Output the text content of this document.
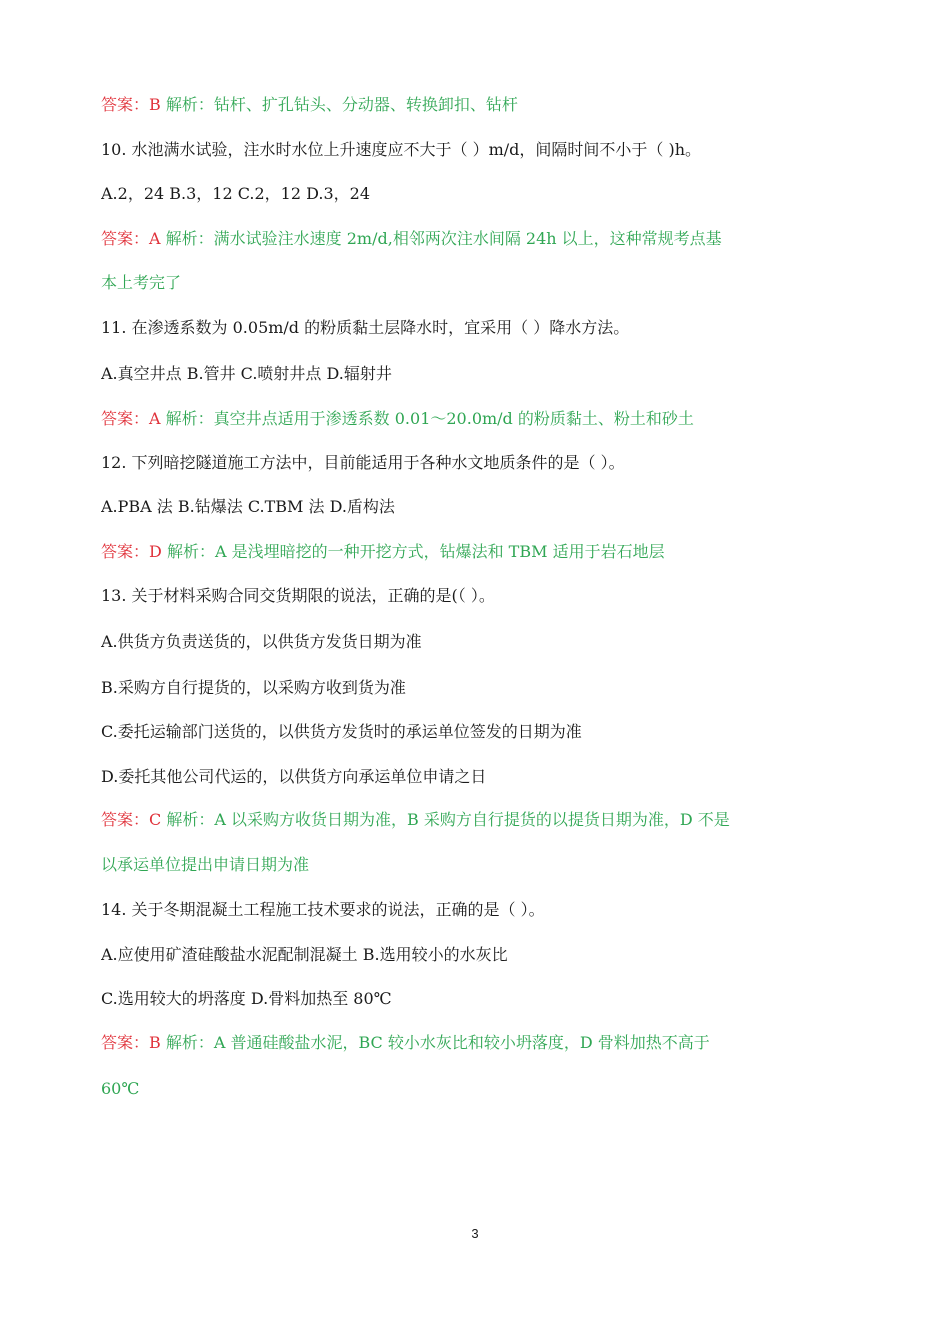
答案：B 解析：钻杆、扩孔钻头、分动器、转换卸扣、钻杆
10. 水池满水试验，注水时水位上升速度应不大于（ ）m/d，间隔时间不小于（ )h。
A.2，24 B.3，12 C.2，12 D.3，24
答案：A 解析：满水试验注水速度 2m/d,相邻两次注水间隔 24h 以上，这种常规考点基
本上考完了
11. 在渗透系数为 0.05m/d 的粉质黏土层降水时，宜采用（ ）降水方法。
A.真空井点 B.管井 C.喷射井点 D.辐射井
答案：A 解析：真空井点适用于渗透系数 0.01～20.0m/d 的粉质黏土、粉土和砂土
12. 下列暗挖隧道施工方法中，目前能适用于各种水文地质条件的是（ ）。
A.PBA 法 B.钻爆法 C.TBM 法 D.盾构法
答案：D 解析：A 是浅埋暗挖的一种开挖方式，钻爆法和 TBM 适用于岩石地层
13. 关于材料采购合同交货期限的说法，正确的是(（ ）。
A.供货方负责送货的，以供货方发货日期为准
B.采购方自行提货的，以采购方收到货为准
C.委托运输部门送货的，以供货方发货时的承运单位签发的日期为准
D.委托其他公司代运的，以供货方向承运单位申请之日
答案：C 解析：A 以采购方收货日期为准，B 采购方自行提货的以提货日期为准，D 不是
以承运单位提出申请日期为准
14. 关于冬期混凝土工程施工技术要求的说法，正确的是（ ）。
A.应使用矿渣硅酸盐水泥配制混凝土 B.选用较小的水灰比
C.选用较大的坍落度 D.骨料加热至 80℃
答案：B 解析：A 普通硅酸盐水泥，BC 较小水灰比和较小坍落度，D 骨料加热不高于
60℃
3
